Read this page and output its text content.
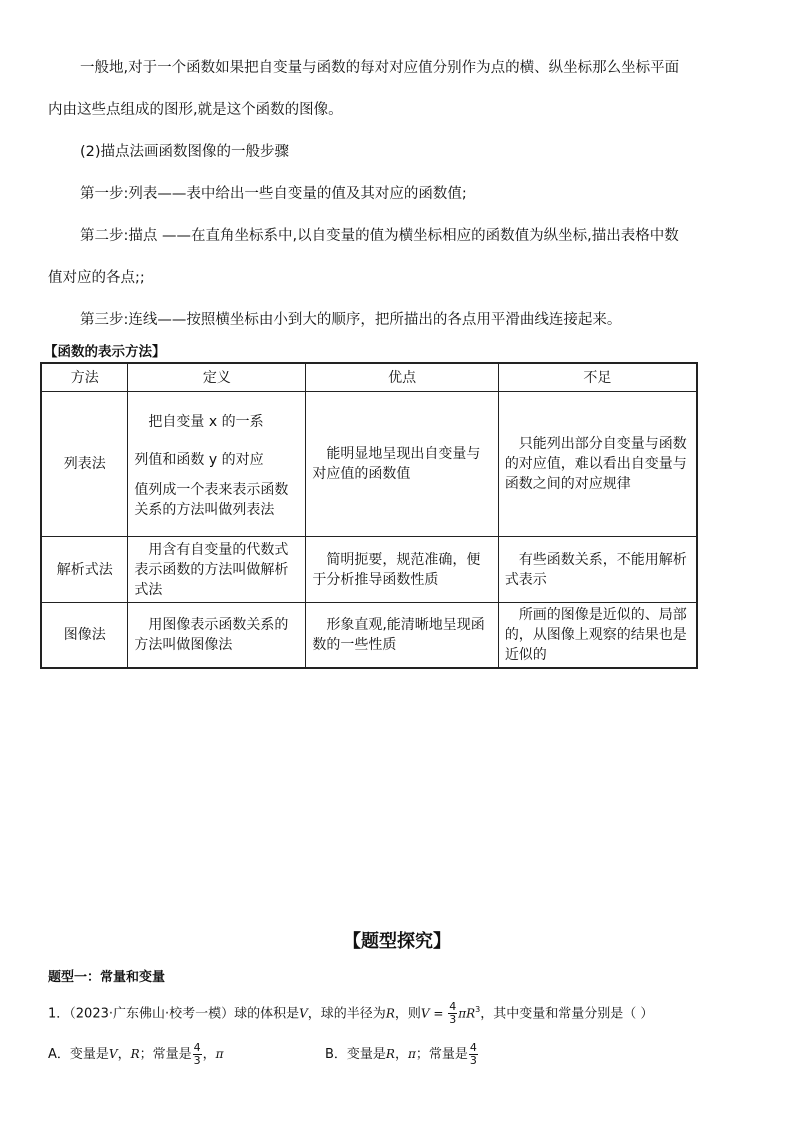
一般地,对于一个函数如果把自变量与函数的每对对应值分别作为点的横、纵坐标那么坐标平面
内由这些点组成的图形,就是这个函数的图像。
(2)描点法画函数图像的一般步骤
第一步:列表——表中给出一些自变量的值及其对应的函数值;
第二步:描点 ——在直角坐标系中,以自变量的值为横坐标相应的函数值为纵坐标,描出表格中数
值对应的各点;;
第三步:连线——按照横坐标由小到大的顺序，把所描出的各点用平滑曲线连接起来。
【函数的表示方法】
方法	定义	优点	不足
列表法	把自变量 x 的一系
列值和函数 y 的对应
值列成一个表来表示函数关系的方法叫做列表法	能明显地呈现出自变量与对应值的函数值	只能列出部分自变量与函数的对应值，难以看出自变量与函数之间的对应规律

解析式法	用含有自变量的代数式表示函数的方法叫做解析式法	简明扼要，规范准确，便于分析推导函数性质	有些函数关系，不能用解析式表示

图像法	用图像表示函数关系的方法叫做图像法	形象直观,能清晰地呈现函数的一些性质	所画的图像是近似的、局部的，从图像上观察的结果也是近似的
【题型探究】
题型一：常量和变量
1．（2023·广东佛山·校考一模）球的体积是V，球的半径为R，则$V = \frac{4}{3} \pi R^3$，其中变量和常量分别是（ ）
A．变量是V，R；常量是 $\frac{4}{3}$ ，π	B．变量是R，π；常量是 $\frac{4}{3}$
